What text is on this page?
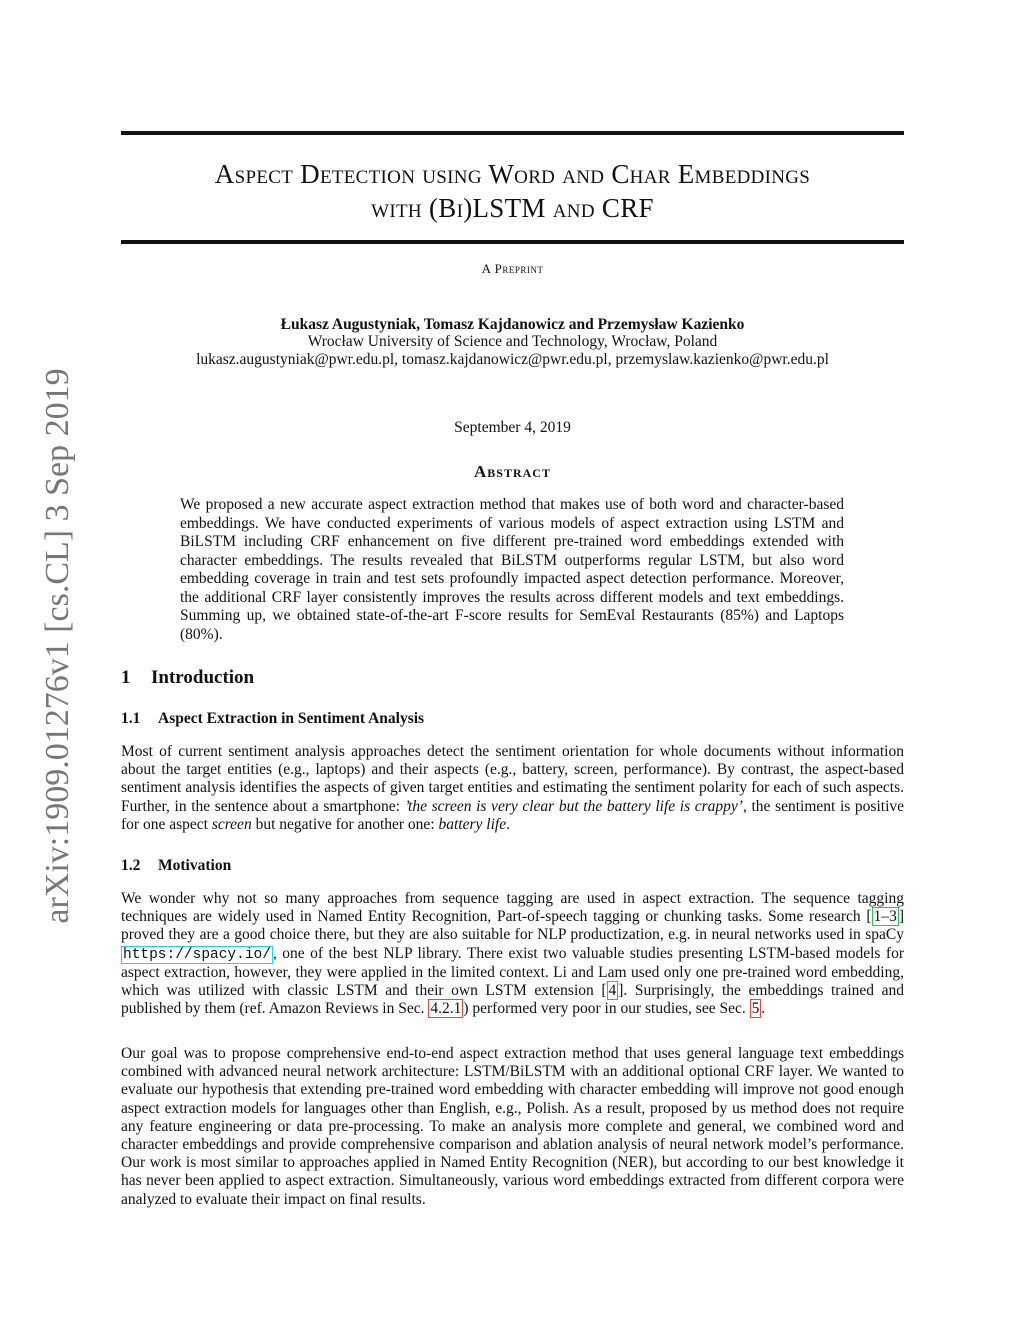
arXiv:1909.01276v1 [cs.CL] 3 Sep 2019
Aspect Detection using Word and Char Embeddings
with (Bi)LSTM and CRF
A Preprint
Łukasz Augustyniak, Tomasz Kajdanowicz and Przemysław Kazienko
Wrocław University of Science and Technology, Wrocław, Poland
lukasz.augustyniak@pwr.edu.pl, tomasz.kajdanowicz@pwr.edu.pl, przemyslaw.kazienko@pwr.edu.pl
September 4, 2019
Abstract

We proposed a new accurate aspect extraction method that makes use of both word and character-based embeddings. We have conducted experiments of various models of aspect extraction using LSTM and BiLSTM including CRF enhancement on five different pre-trained word embeddings extended with character embeddings. The results revealed that BiLSTM outperforms regular LSTM, but also word embedding coverage in train and test sets profoundly impacted aspect detection performance. Moreover, the additional CRF layer consistently improves the results across different models and text embeddings. Summing up, we obtained state-of-the-art F-score results for SemEval Restaurants (85%) and Laptops (80%).

1 Introduction
1.1 Aspect Extraction in Sentiment Analysis

Most of current sentiment analysis approaches detect the sentiment orientation for whole documents without information about the target entities (e.g., laptops) and their aspects (e.g., battery, screen, performance). By contrast, the aspect-based sentiment analysis identifies the aspects of given target entities and estimating the sentiment polarity for each of such aspects. Further, in the sentence about a smartphone: ’the screen is very clear but the battery life is crappy’, the sentiment is positive for one aspect screen but negative for another one: battery life.

1.2 Motivation

We wonder why not so many approaches from sequence tagging are used in aspect extraction. The sequence tagging techniques are widely used in Named Entity Recognition, Part-of-speech tagging or chunking tasks. Some research [ 1–3 ] proved they are a good choice there, but they are also suitable for NLP productization, e.g. in neural networks used in spaCy https://spacy.io/ , one of the best NLP library. There exist two valuable studies presenting LSTM-based models for aspect extraction, however, they were applied in the limited context. Li and Lam used only one pre-trained word embedding, which was utilized with classic LSTM and their own LSTM extension [ 4 ]. Surprisingly, the embeddings trained and published by them (ref. Amazon Reviews in Sec. 4.2.1 ) performed very poor in our studies, see Sec. 5 .

Our goal was to propose comprehensive end-to-end aspect extraction method that uses general language text embeddings combined with advanced neural network architecture: LSTM/BiLSTM with an additional optional CRF layer. We wanted to evaluate our hypothesis that extending pre-trained word embedding with character embedding will improve not good enough aspect extraction models for languages other than English, e.g., Polish. As a result, proposed by us method does not require any feature engineering or data pre-processing. To make an analysis more complete and general, we combined word and character embeddings and provide comprehensive comparison and ablation analysis of neural network model’s performance. Our work is most similar to approaches applied in Named Entity Recognition (NER), but according to our best knowledge it has never been applied to aspect extraction. Simultaneously, various word embeddings extracted from different corpora were analyzed to evaluate their impact on final results.
